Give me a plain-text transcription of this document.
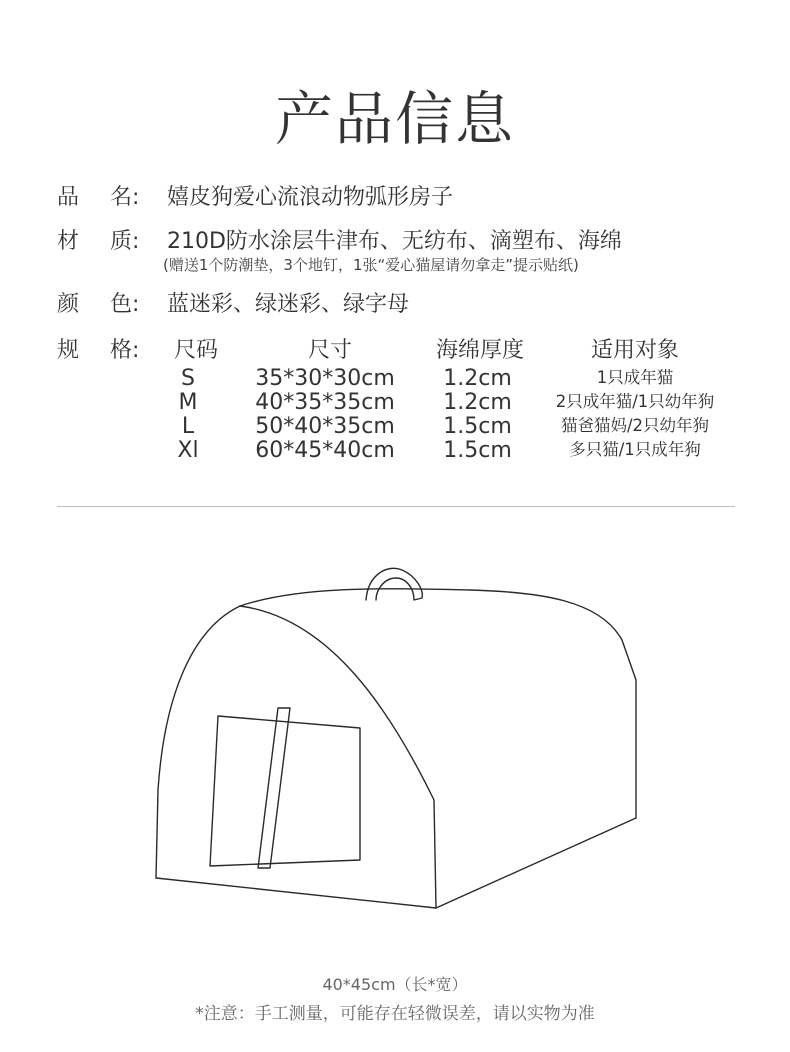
产品信息
品 名: 嬉皮狗爱心流浪动物弧形房子
材 质: 210D防水涂层牛津布、无纺布、滴塑布、海绵
(赠送1个防潮垫，3个地钉，1张“爱心猫屋请勿拿走”提示贴纸)
颜 色: 蓝迷彩、绿迷彩、绿字母
规 格: 尺码	尺寸	海绵厚度	适用对象
S	35*30*30cm	1.2cm	1只成年猫
M	40*35*35cm	1.2cm	2只成年猫/1只幼年狗
L	50*40*35cm	1.5cm	猫爸猫妈/2只幼年狗
Xl	60*45*40cm	1.5cm	多只猫/1只成年狗
40*45cm（长*宽）
*注意：手工测量，可能存在轻微误差，请以实物为准
